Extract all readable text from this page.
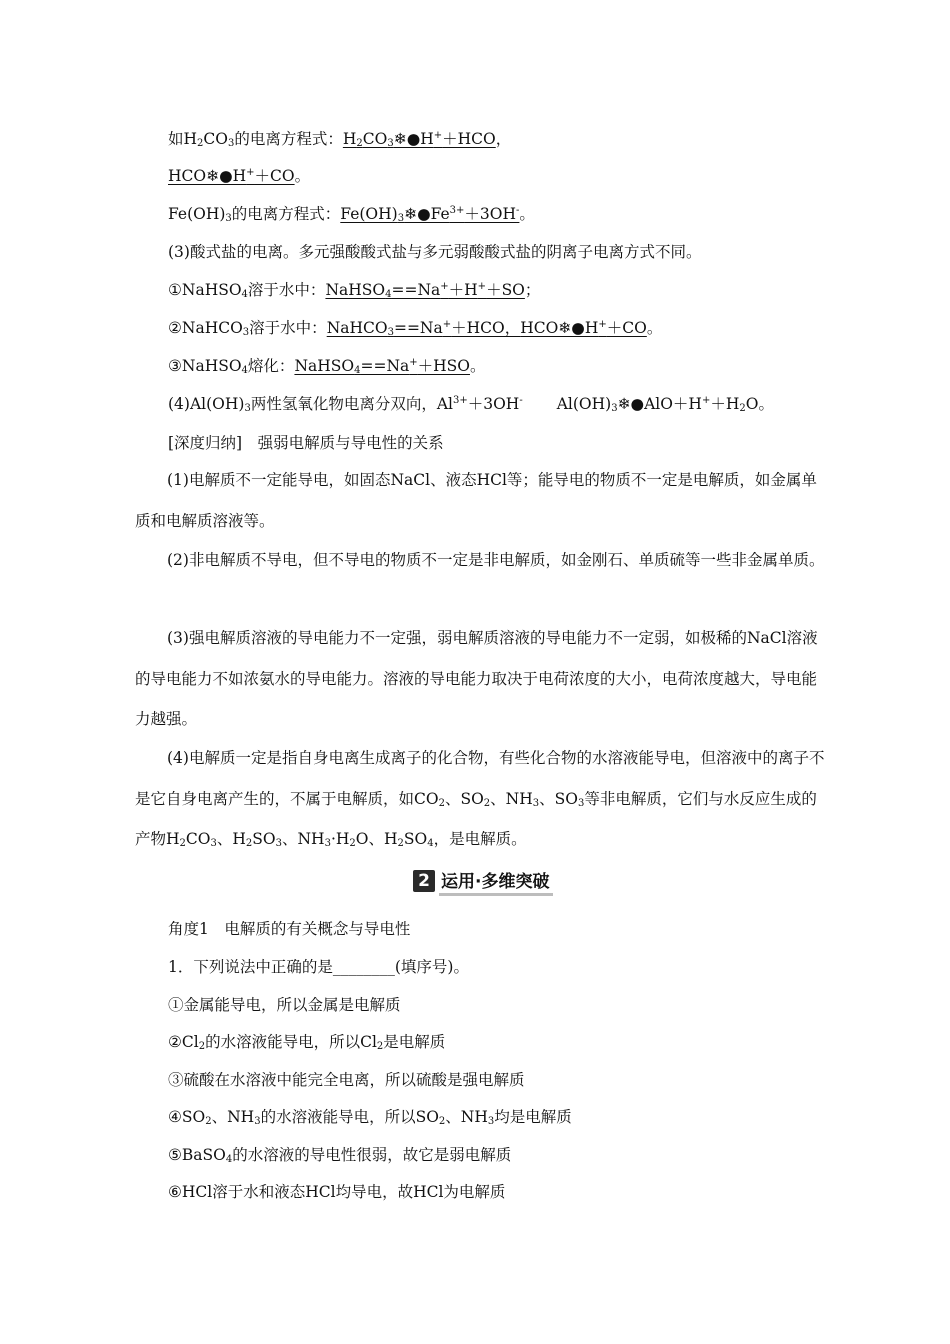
如$H_2CO_3$的电离方程式：$H_2CO_3❄●H^++HCO$，
HCO❄●H+＋CO。
$Fe(OH)_3$的电离方程式：$Fe(OH)_3❄●Fe^{3+}+3OH^-$。
(3)酸式盐的电离。多元强酸酸式盐与多元弱酸酸式盐的阴离子电离方式不同。
①NaHSO$_4$溶于水中：NaHSO$_4$==Na+＋H+＋SO；
②NaHCO$_3$溶于水中：NaHCO$_3$==Na+＋HCO，HCO❄●H+＋CO。
③NaHSO$_4$熔化：NaHSO$_4$==Na+＋HSO。
$(4)Al(OH)_3$两性氢氧化物电离分双向，$Al^{3+}+3OH^-$ $Al(OH)_3❄●AlO+H^++H_2O$。
[深度归纳]　强弱电解质与导电性的关系
(1)电解质不一定能导电，如固态NaCl、液态HCl等；能导电的物质不一定是电解质，如金属单质和电解质溶液等。
(2)非电解质不导电，但不导电的物质不一定是非电解质，如金刚石、单质硫等一些非金属单质。
(3)强电解质溶液的导电能力不一定强，弱电解质溶液的导电能力不一定弱，如极稀的NaCl溶液的导电能力不如浓氨水的导电能力。溶液的导电能力取决于电荷浓度的大小，电荷浓度越大，导电能力越强。
(4)电解质一定是指自身电离生成离子的化合物，有些化合物的水溶液能导电，但溶液中的离子不是它自身电离产生的，不属于电解质，如$CO_2$、$SO_2$、$NH_3$、$SO_3$等非电解质，它们与水反应生成的产物$H_2CO_3$、$H_2SO_3$、$NH_3\cdot H_2O$、$H_2SO_4$，是电解质。
2 运用·多维突破
角度1　电解质的有关概念与导电性
1．下列说法中正确的是________(填序号)。
①金属能导电，所以金属是电解质
$②Cl_2$的水溶液能导电，所以$Cl_2$是电解质
③硫酸在水溶液中能完全电离，所以硫酸是强电解质
$④SO_2$、$NH_3$的水溶液能导电，所以$SO_2$、$NH_3$均是电解质
⑤BaSO$_4$的水溶液的导电性很弱，故它是弱电解质
⑥HCl溶于水和液态HCl均导电，故HCl为电解质
